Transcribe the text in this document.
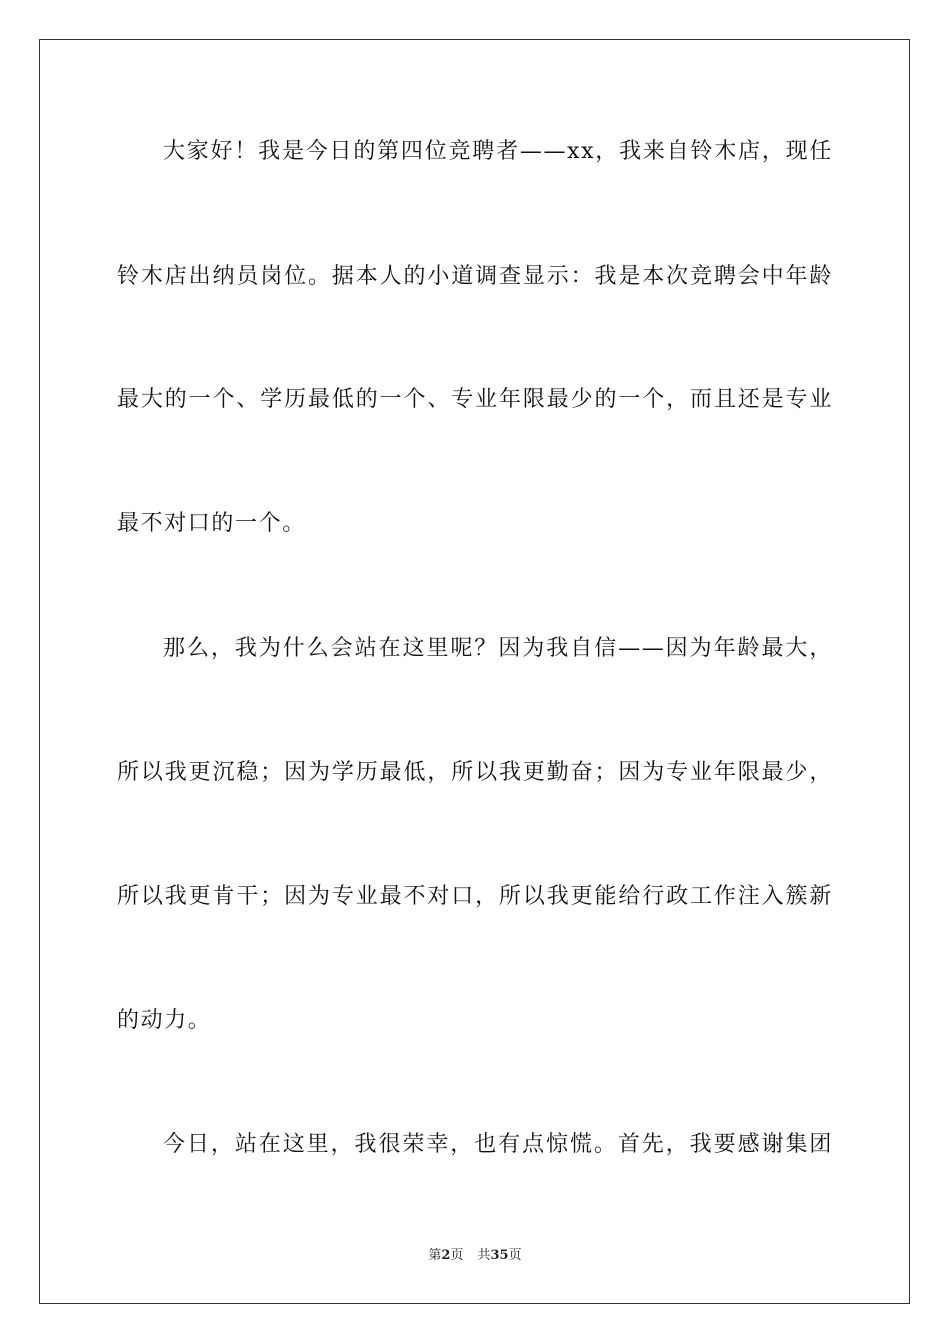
大家好！我是今日的第四位竞聘者——xx，我来自铃木店，现任
铃木店出纳员岗位。据本人的小道调查显示：我是本次竞聘会中年龄
最大的一个、学历最低的一个、专业年限最少的一个，而且还是专业
最不对口的一个。
那么，我为什么会站在这里呢？因为我自信——因为年龄最大，
所以我更沉稳；因为学历最低，所以我更勤奋；因为专业年限最少，
所以我更肯干；因为专业最不对口，所以我更能给行政工作注入簇新
的动力。
今日，站在这里，我很荣幸，也有点惊慌。首先，我要感谢集团
第2页 共35页
